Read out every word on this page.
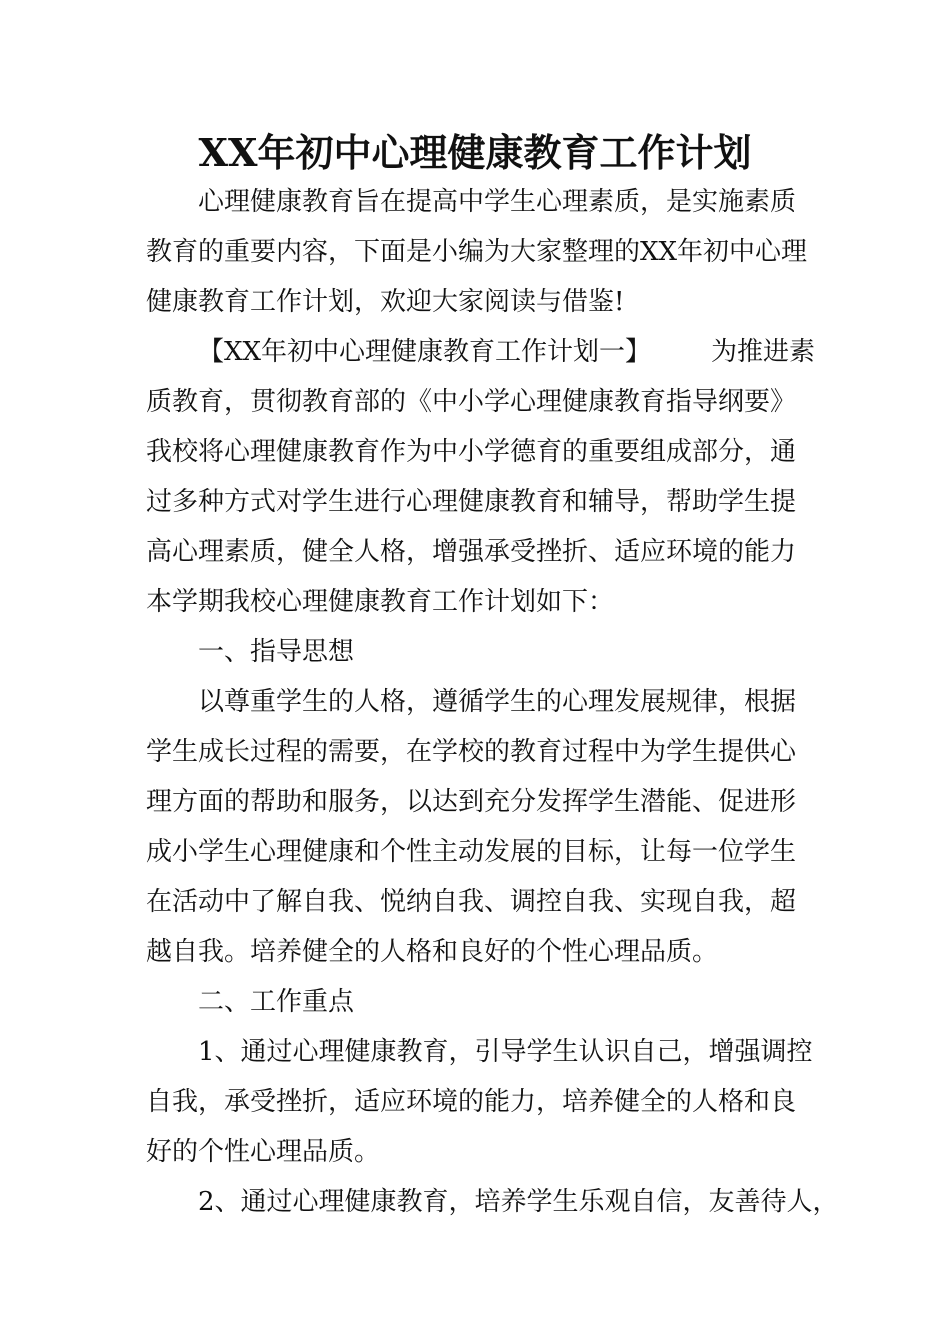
XX年初中心理健康教育工作计划
心理健康教育旨在提高中学生心理素质，是实施素质
教育的重要内容，下面是小编为大家整理的XX年初中心理
健康教育工作计划，欢迎大家阅读与借鉴!
【XX年初中心理健康教育工作计划一】 为推进素
质教育，贯彻教育部的《中小学心理健康教育指导纲要》
我校将心理健康教育作为中小学德育的重要组成部分，通
过多种方式对学生进行心理健康教育和辅导，帮助学生提
高心理素质，健全人格，增强承受挫折、适应环境的能力
本学期我校心理健康教育工作计划如下：
一、指导思想
以尊重学生的人格，遵循学生的心理发展规律，根据
学生成长过程的需要，在学校的教育过程中为学生提供心
理方面的帮助和服务，以达到充分发挥学生潜能、促进形
成小学生心理健康和个性主动发展的目标，让每一位学生
在活动中了解自我、悦纳自我、调控自我、实现自我，超
越自我。培养健全的人格和良好的个性心理品质。
二、工作重点
1、通过心理健康教育，引导学生认识自己，增强调控
自我，承受挫折，适应环境的能力，培养健全的人格和良
好的个性心理品质。
2、通过心理健康教育，培养学生乐观自信，友善待人，
